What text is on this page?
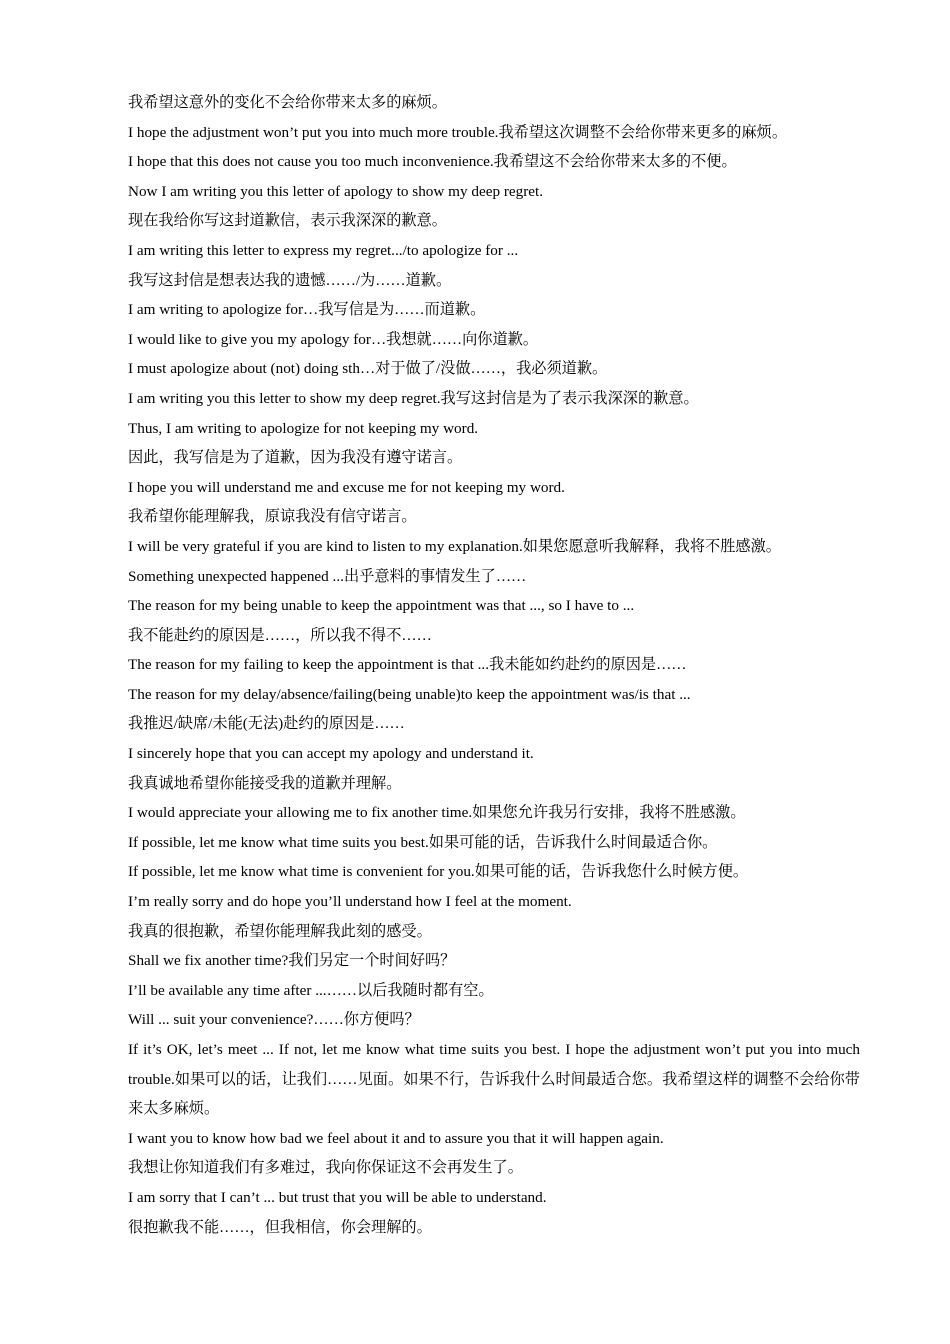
我希望这意外的变化不会给你带来太多的麻烦。

I hope the adjustment won’t put you into much more trouble.我希望这次调整不会给你带来更多的麻烦。

I hope that this does not cause you too much inconvenience.我希望这不会给你带来太多的不便。

Now I am writing you this letter of apology to show my deep regret.

现在我给你写这封道歉信，表示我深深的歉意。

I am writing this letter to express my regret.../to apologize for ...

我写这封信是想表达我的遗憾……/为……道歉。

I am writing to apologize for…我写信是为……而道歉。

I would like to give you my apology for…我想就……向你道歉。

I must apologize about (not) doing sth…对于做了/没做……，我必须道歉。

I am writing you this letter to show my deep regret.我写这封信是为了表示我深深的歉意。

Thus, I am writing to apologize for not keeping my word.

因此，我写信是为了道歉，因为我没有遵守诺言。

I hope you will understand me and excuse me for not keeping my word.

我希望你能理解我，原谅我没有信守诺言。

I will be very grateful if you are kind to listen to my explanation.如果您愿意听我解释，我将不胜感激。

Something unexpected happened ...出乎意料的事情发生了……

The reason for my being unable to keep the appointment was that ..., so I have to ...

我不能赴约的原因是……，所以我不得不……

The reason for my failing to keep the appointment is that ...我未能如约赴约的原因是……

The reason for my delay/absence/failing(being unable)to keep the appointment was/is that ...

我推迟/缺席/未能(无法)赴约的原因是……

I sincerely hope that you can accept my apology and understand it.

我真诚地希望你能接受我的道歉并理解。

I would appreciate your allowing me to fix another time.如果您允许我另行安排，我将不胜感激。

If possible, let me know what time suits you best.如果可能的话，告诉我什么时间最适合你。

If possible, let me know what time is convenient for you.如果可能的话，告诉我您什么时候方便。

I’m really sorry and do hope you’ll understand how I feel at the moment.

我真的很抱歉，希望你能理解我此刻的感受。

Shall we fix another time?我们另定一个时间好吗？

I’ll be available any time after ...……以后我随时都有空。

Will ... suit your convenience?……你方便吗？

If it’s OK, let’s meet ... If not, let me know what time suits you best. I hope the adjustment won’t put you into much trouble.如果可以的话，让我们……见面。如果不行，告诉我什么时间最适合您。我希望这样的调整不会给你带来太多麻烦。

I want you to know how bad we feel about it and to assure you that it will happen again.

我想让你知道我们有多难过，我向你保证这不会再发生了。

I am sorry that I can’t ... but trust that you will be able to understand.

很抱歉我不能……，但我相信，你会理解的。
